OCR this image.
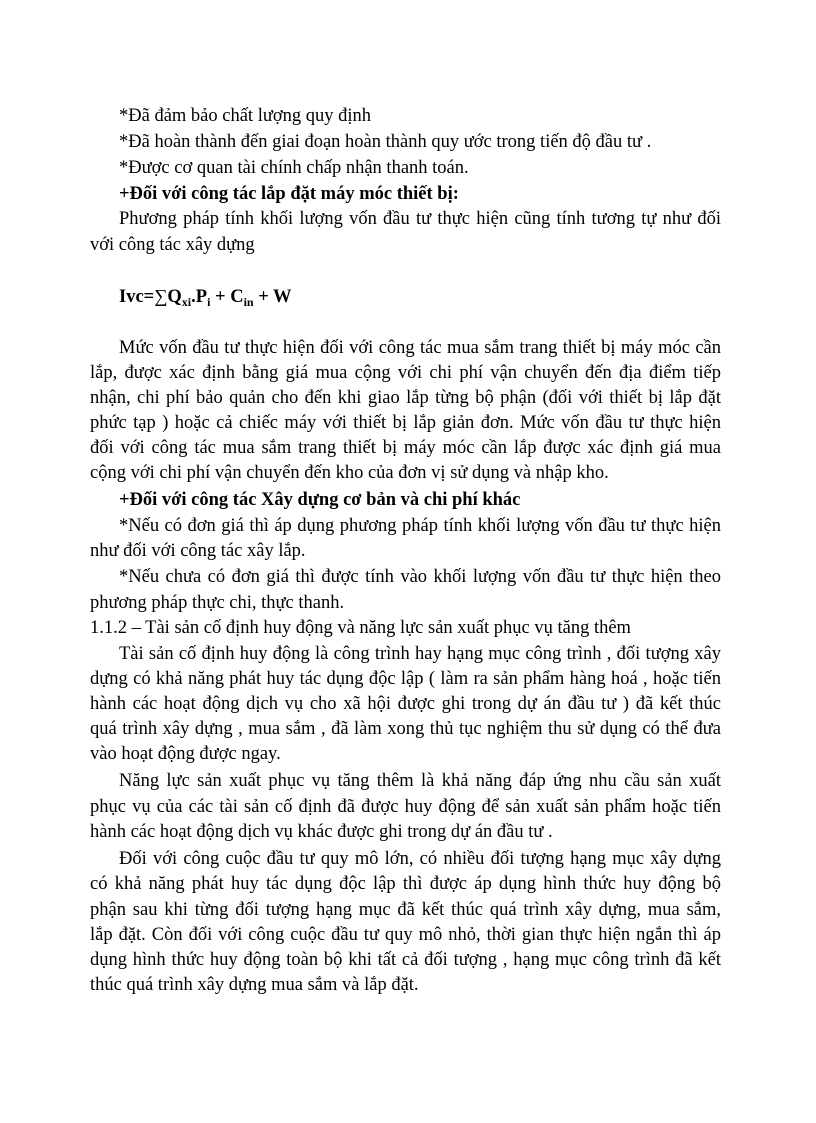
*Đã đảm bảo chất lượng quy định
*Đã hoàn thành đến giai đoạn hoàn thành quy ước trong tiến độ đầu tư .
*Được cơ quan tài chính chấp nhận thanh toán.
+Đối với công tác lắp đặt máy móc thiết bị:
Phương pháp tính khối lượng vốn đầu tư thực hiện cũng tính tương tự như đối
với công tác xây dựng
$Ivc=\sum Q_{xi}.P_i + C_{in} + W$
Mức vốn đầu tư thực hiện đối với công tác mua sắm trang thiết bị máy móc cần
lắp, được xác định bằng giá mua cộng với chi phí vận chuyển đến địa điểm tiếp
nhận, chi phí bảo quản cho đến khi giao lắp từng bộ phận (đối với thiết bị lắp đặt
phức tạp ) hoặc cả chiếc máy với thiết bị lắp giản đơn. Mức vốn đầu tư thực hiện
đối với công tác mua sắm trang thiết bị máy móc cần lắp được xác định giá mua
cộng với chi phí vận chuyển đến kho của đơn vị sử dụng và nhập kho.
+Đối với công tác Xây dựng cơ bản và chi phí khác
*Nếu có đơn giá thì áp dụng phương pháp tính khối lượng vốn đầu tư thực hiện
như đối với công tác xây lắp.
*Nếu chưa có đơn giá thì được tính vào khối lượng vốn đầu tư thực hiện theo
phương pháp thực chi, thực thanh.
1.1.2 – Tài sản cố định huy động và năng lực sản xuất phục vụ tăng thêm
Tài sản cố định huy động là công trình hay hạng mục công trình , đối tượng xây
dựng có khả năng phát huy tác dụng độc lập ( làm ra sản phẩm hàng hoá , hoặc tiến
hành các hoạt động dịch vụ cho xã hội được ghi trong dự án đầu tư ) đã kết thúc
quá trình xây dựng , mua sắm , đã làm xong thủ tục nghiệm thu sử dụng có thể đưa
vào hoạt động được ngay.
Năng lực sản xuất phục vụ tăng thêm là khả năng đáp ứng nhu cầu sản xuất
phục vụ của các tài sản cố định đã được huy động để sản xuất sản phẩm hoặc tiến
hành các hoạt động dịch vụ khác được ghi trong dự án đầu tư .
Đối với công cuộc đầu tư quy mô lớn, có nhiều đối tượng hạng mục xây dựng
có khả năng phát huy tác dụng độc lập thì được áp dụng hình thức huy động bộ
phận sau khi từng đối tượng hạng mục đã kết thúc quá trình xây dựng, mua sắm,
lắp đặt. Còn đối với công cuộc đầu tư quy mô nhỏ, thời gian thực hiện ngắn thì áp
dụng hình thức huy động toàn bộ khi tất cả đối tượng , hạng mục công trình đã kết
thúc quá trình xây dựng mua sắm và lắp đặt.
